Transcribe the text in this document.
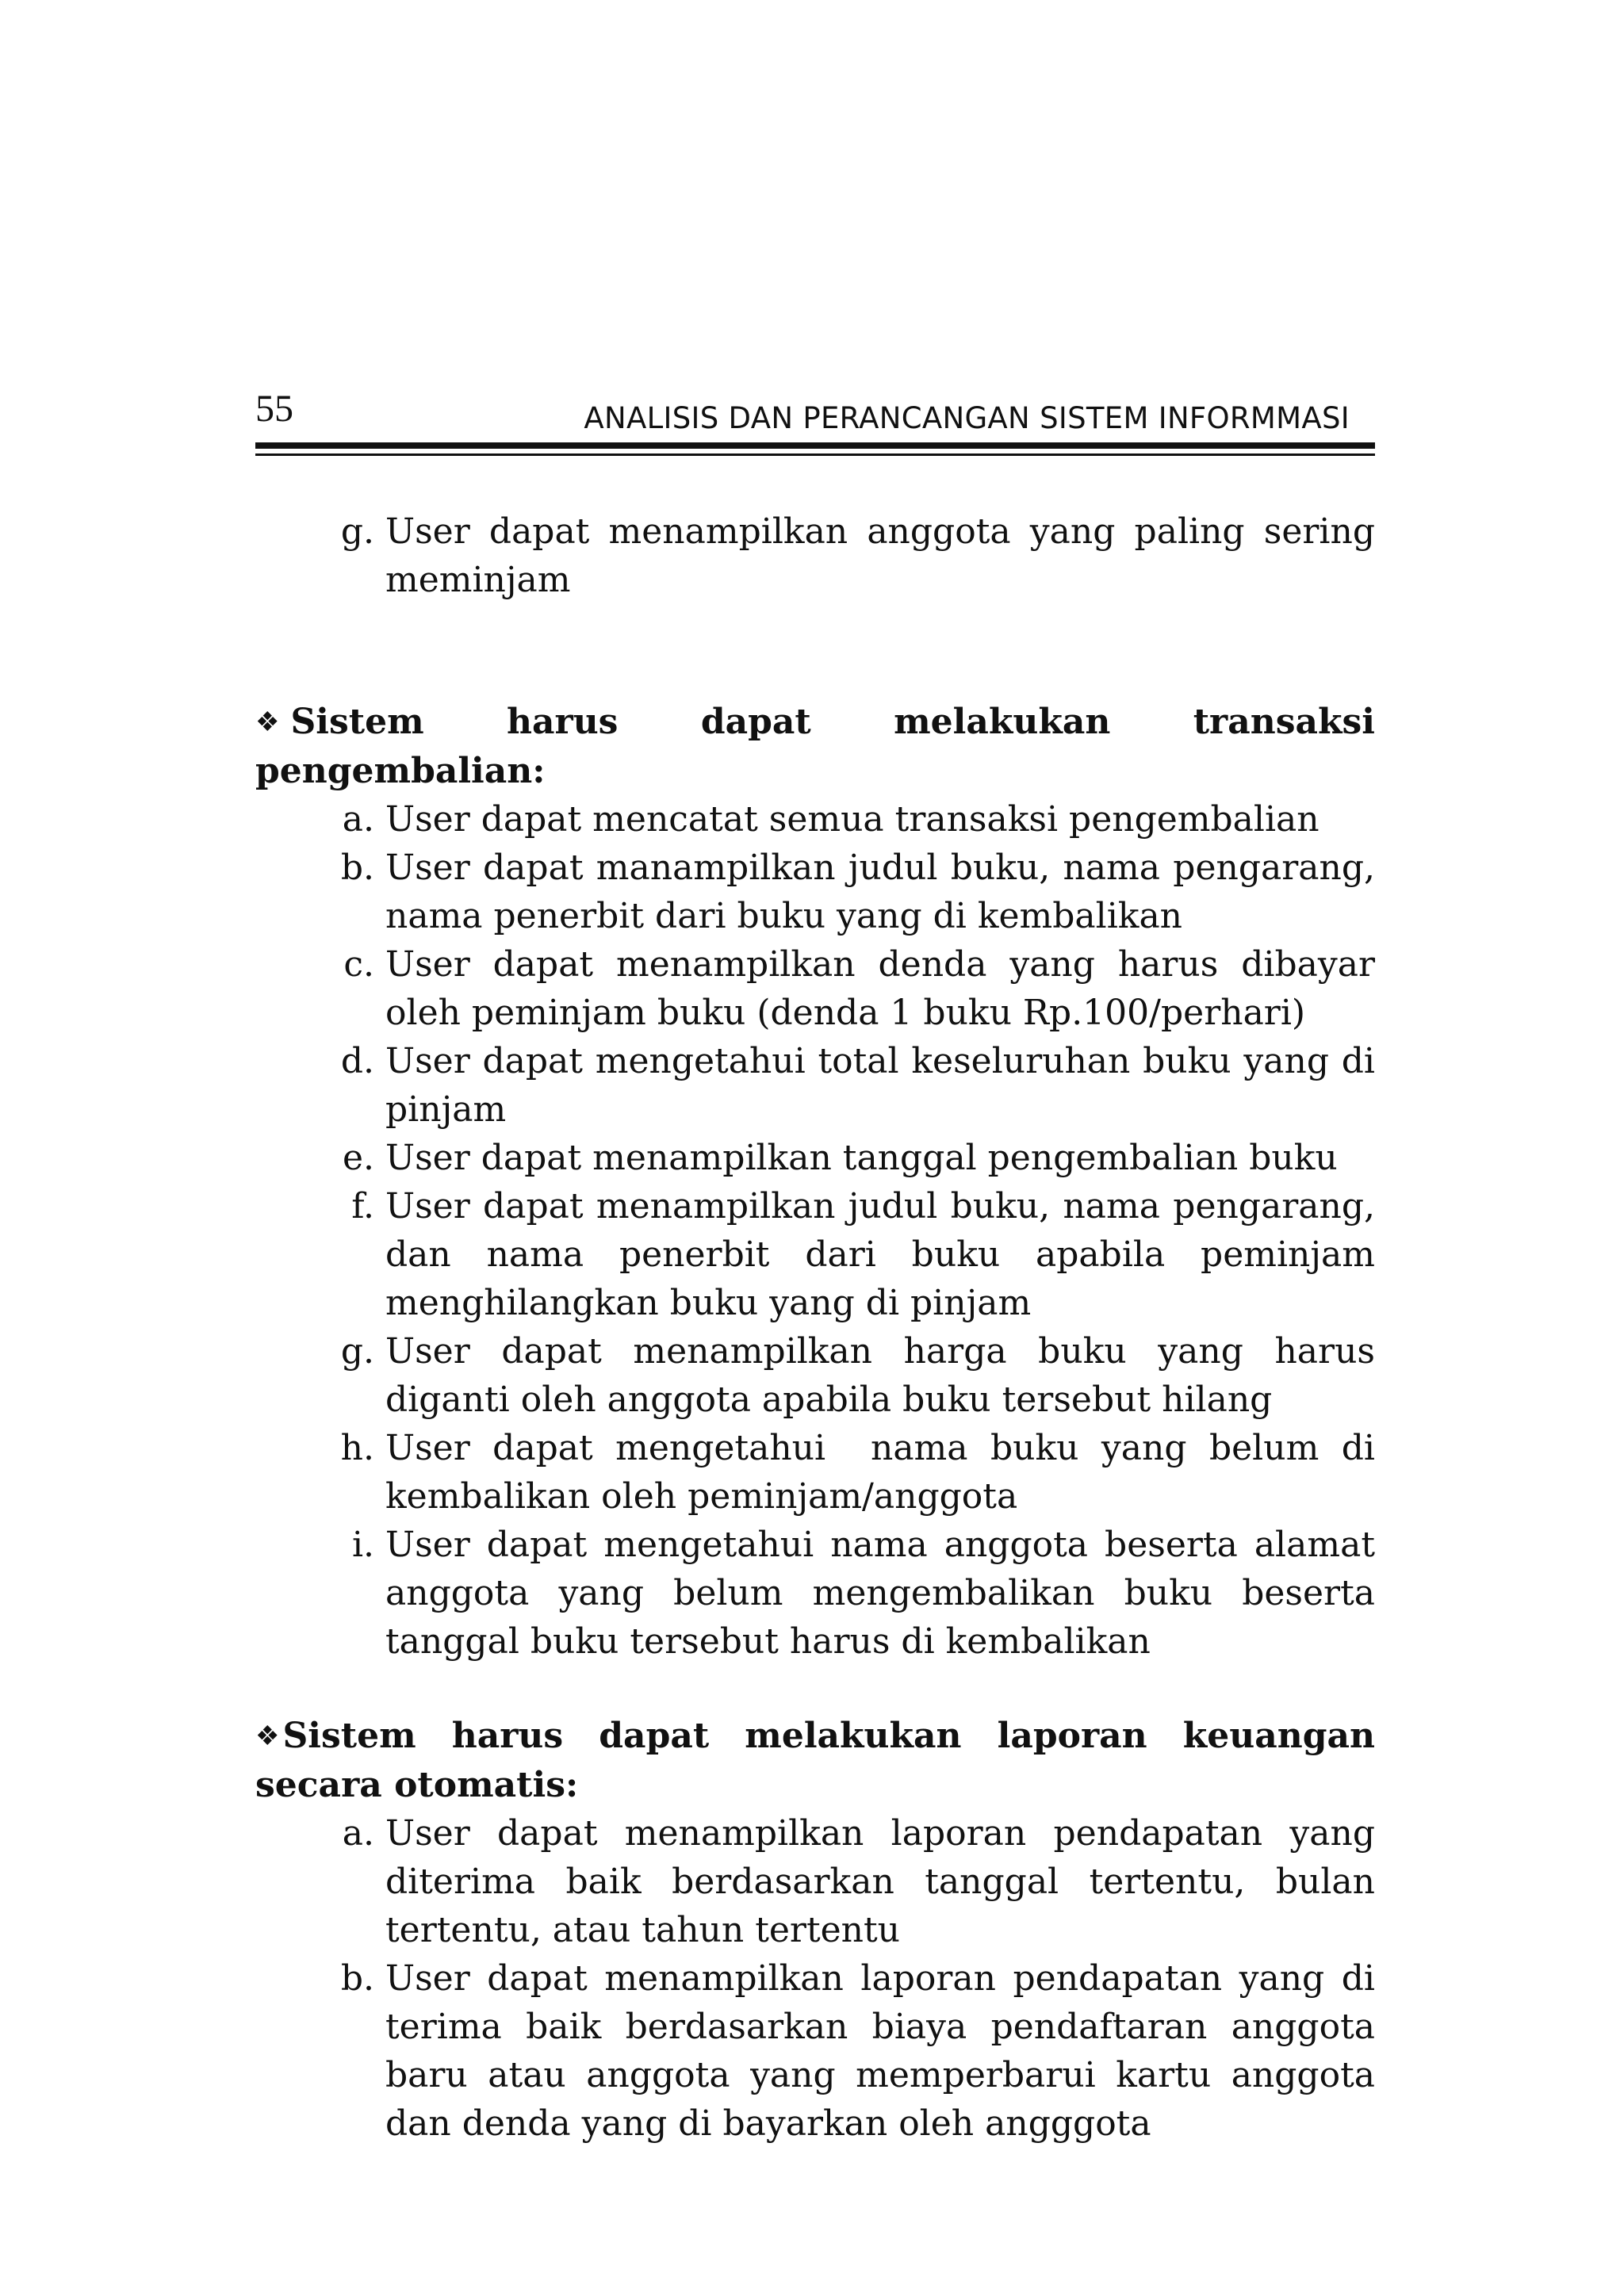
55	ANALISIS DAN PERANCANGAN SISTEM INFORMMASI
g. User dapat menampilkan anggota yang paling sering meminjam
❖ Sistem harus dapat melakukan transaksi pengembalian:
a. User dapat mencatat semua transaksi pengembalian
b. User dapat manampilkan judul buku, nama pengarang, nama penerbit dari buku yang di kembalikan
c. User dapat menampilkan denda yang harus dibayar oleh peminjam buku (denda 1 buku Rp.100/perhari)
d. User dapat mengetahui total keseluruhan buku yang di pinjam
e. User dapat menampilkan tanggal pengembalian buku
f. User dapat menampilkan judul buku, nama pengarang, dan nama penerbit dari buku apabila peminjam menghilangkan buku yang di pinjam
g. User dapat menampilkan harga buku yang harus diganti oleh anggota apabila buku tersebut hilang
h. User dapat mengetahui  nama buku yang belum di kembalikan oleh peminjam/anggota
i. User dapat mengetahui nama anggota beserta alamat anggota yang belum mengembalikan buku beserta tanggal buku tersebut harus di kembalikan
❖Sistem harus dapat melakukan laporan keuangan secara otomatis:
a. User dapat menampilkan laporan pendapatan yang diterima baik berdasarkan tanggal tertentu, bulan tertentu, atau tahun tertentu
b. User dapat menampilkan laporan pendapatan yang di terima baik berdasarkan biaya pendaftaran anggota baru atau anggota yang memperbarui kartu anggota dan denda yang di bayarkan oleh angggota
